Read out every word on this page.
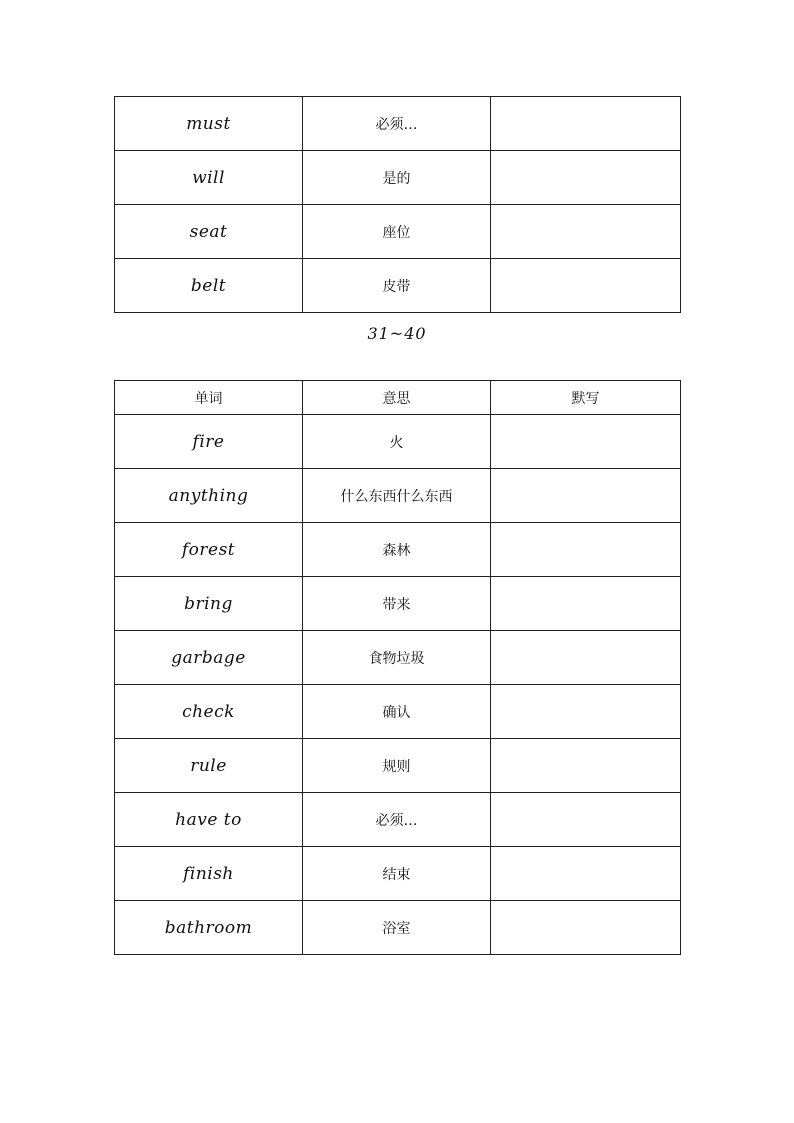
must	必须…	
will	是的	
seat	座位	
belt	皮带	
31~40
单词	意思	默写
fire	火	
anything	什么东西什么东西	
forest	森林	
bring	带来	
garbage	食物垃圾	
check	确认	
rule	规则	
have to	必须…	
finish	结束	
bathroom	浴室	
